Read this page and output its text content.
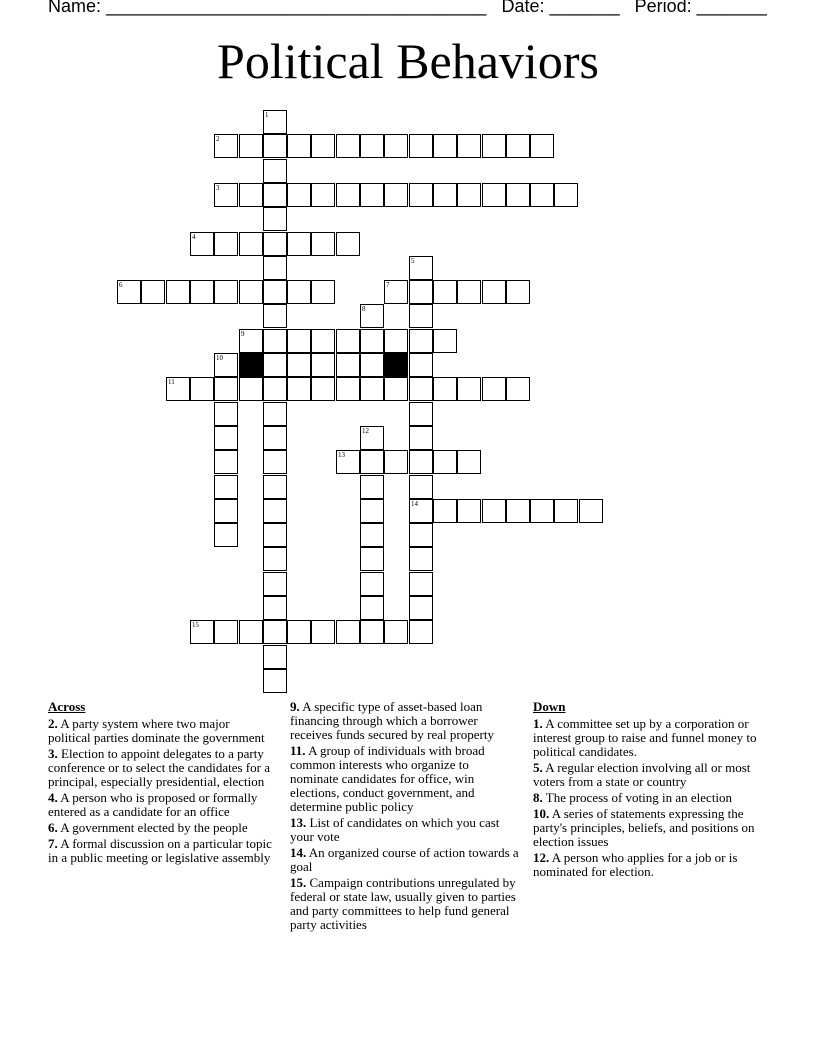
Name: ______________________________________ Date: _______ Period: _______
Political Behaviors
1
2
3
4
5
14
6	7
8
9
10
11
12
13
15
Across
2. A party system where two major political parties dominate the government
3. Election to appoint delegates to a party conference or to select the candidates for a principal, especially presidential, election
4. A person who is proposed or formally entered as a candidate for an office
6. A government elected by the people
7. A formal discussion on a particular topic in a public meeting or legislative assembly
9. A specific type of asset-based loan financing through which a borrower receives funds secured by real property
11. A group of individuals with broad common interests who organize to nominate candidates for office, win elections, conduct government, and determine public policy
13. List of candidates on which you cast your vote
14. An organized course of action towards a goal
15. Campaign contributions unregulated by federal or state law, usually given to parties and party committees to help fund general party activities
Down
1. A committee set up by a corporation or interest group to raise and funnel money to political candidates.
5. A regular election involving all or most voters from a state or country
8. The process of voting in an election
10. A series of statements expressing the party's principles, beliefs, and positions on election issues
12. A person who applies for a job or is nominated for election.
